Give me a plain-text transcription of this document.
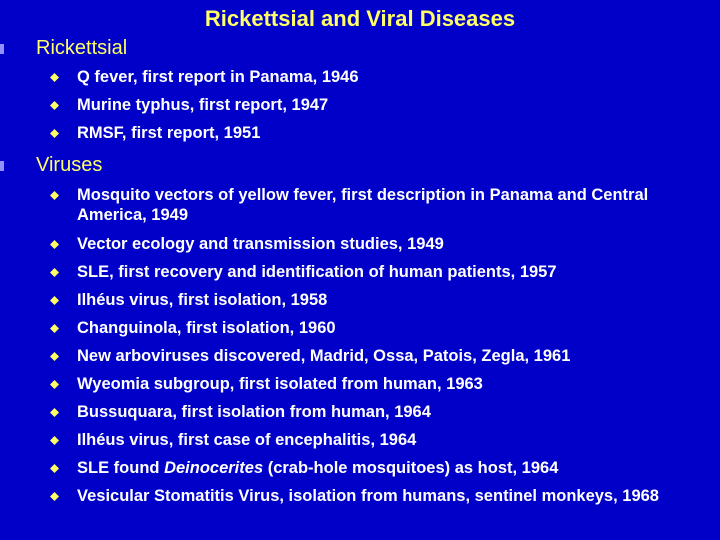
Rickettsial and Viral Diseases
Rickettsial
Q fever, first report in Panama, 1946
Murine typhus, first report, 1947
RMSF, first report, 1951
Viruses
Mosquito vectors of yellow fever, first description in Panama and Central America, 1949
Vector ecology and transmission studies, 1949
SLE, first recovery and identification of human patients, 1957
Ilhéus virus, first isolation, 1958
Changuinola, first isolation, 1960
New arboviruses discovered, Madrid, Ossa, Patois, Zegla, 1961
Wyeomia subgroup, first isolated from human, 1963
Bussuquara, first isolation from human, 1964
Ilhéus virus, first case of encephalitis, 1964
SLE found Deinocerites (crab-hole mosquitoes) as host, 1964
Vesicular Stomatitis Virus, isolation from humans, sentinel monkeys, 1968
